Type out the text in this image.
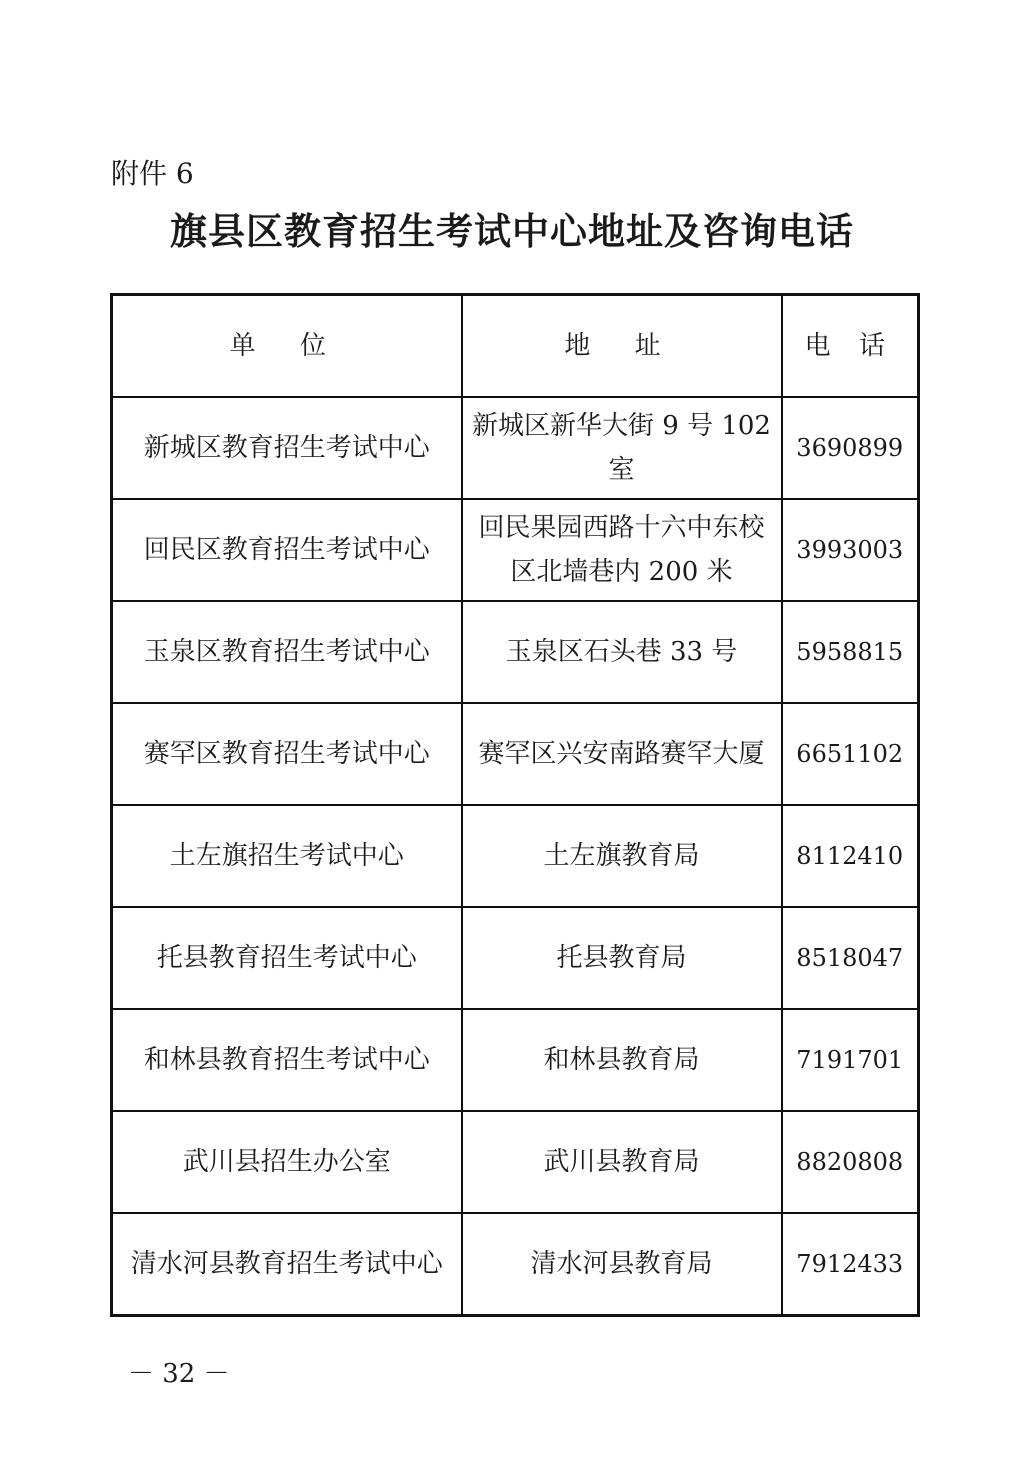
附件 6
旗县区教育招生考试中心地址及咨询电话
单 位	地 址	电 话
新城区教育招生考试中心	新城区新华大街 9 号 102 室	3690899
回民区教育招生考试中心	回民果园西路十六中东校区北墙巷内 200 米	3993003
玉泉区教育招生考试中心	玉泉区石头巷 33 号	5958815
赛罕区教育招生考试中心	赛罕区兴安南路赛罕大厦	6651102
土左旗招生考试中心	土左旗教育局	8112410
托县教育招生考试中心	托县教育局	8518047
和林县教育招生考试中心	和林县教育局	7191701
武川县招生办公室	武川县教育局	8820808
清水河县教育招生考试中心	清水河县教育局	7912433
－ 32 －
